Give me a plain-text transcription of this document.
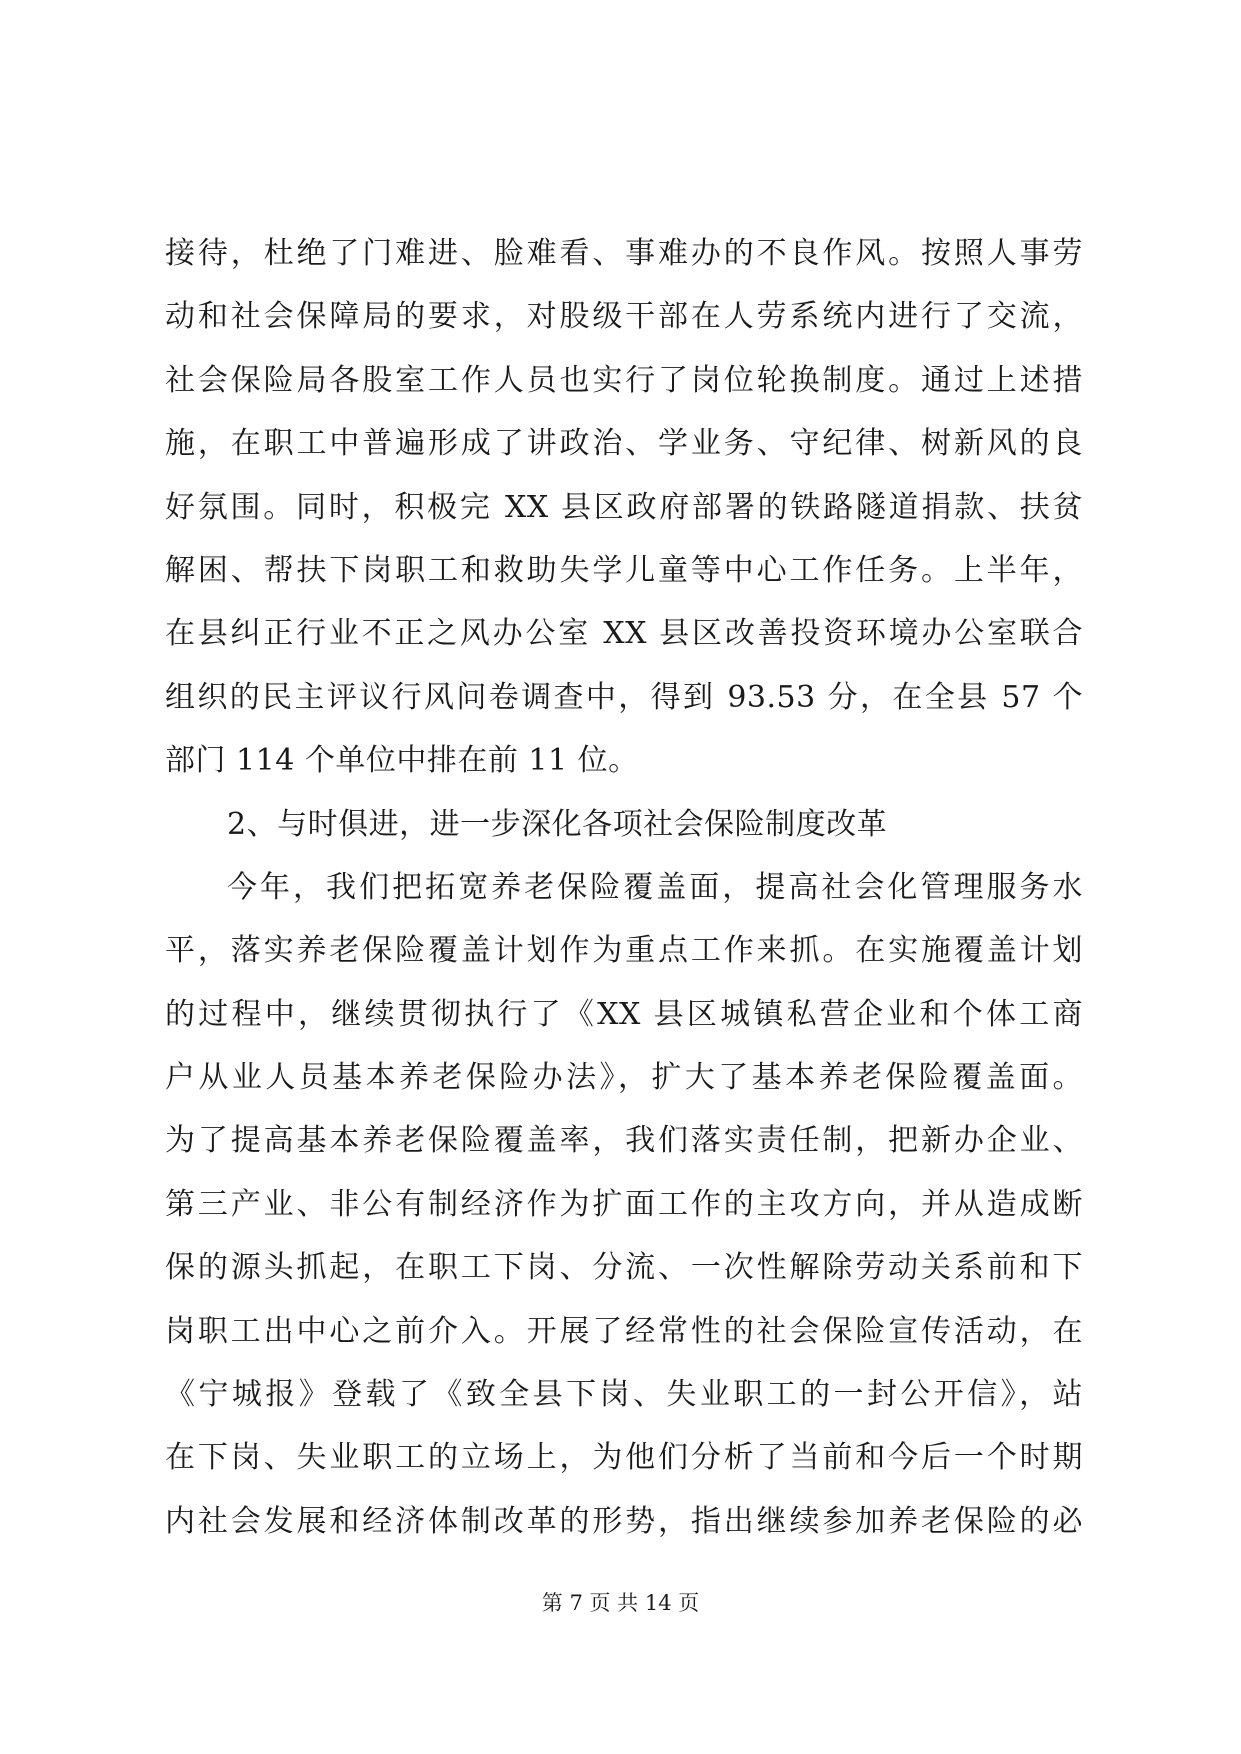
接待，杜绝了门难进、脸难看、事难办的不良作风。按照人事劳
动和社会保障局的要求，对股级干部在人劳系统内进行了交流，
社会保险局各股室工作人员也实行了岗位轮换制度。通过上述措
施，在职工中普遍形成了讲政治、学业务、守纪律、树新风的良
好氛围。同时，积极完 XX 县区政府部署的铁路隧道捐款、扶贫
解困、帮扶下岗职工和救助失学儿童等中心工作任务。上半年，
在县纠正行业不正之风办公室 XX 县区改善投资环境办公室联合
组织的民主评议行风问卷调查中，得到 93.53 分，在全县 57 个
部门 114 个单位中排在前 11 位。
2、与时俱进，进一步深化各项社会保险制度改革
今年，我们把拓宽养老保险覆盖面，提高社会化管理服务水
平，落实养老保险覆盖计划作为重点工作来抓。在实施覆盖计划
的过程中，继续贯彻执行了《XX 县区城镇私营企业和个体工商
户从业人员基本养老保险办法》，扩大了基本养老保险覆盖面。
为了提高基本养老保险覆盖率，我们落实责任制，把新办企业、
第三产业、非公有制经济作为扩面工作的主攻方向，并从造成断
保的源头抓起，在职工下岗、分流、一次性解除劳动关系前和下
岗职工出中心之前介入。开展了经常性的社会保险宣传活动，在
《宁城报》登载了《致全县下岗、失业职工的一封公开信》，站
在下岗、失业职工的立场上，为他们分析了当前和今后一个时期
内社会发展和经济体制改革的形势，指出继续参加养老保险的必
第 7 页 共 14 页
